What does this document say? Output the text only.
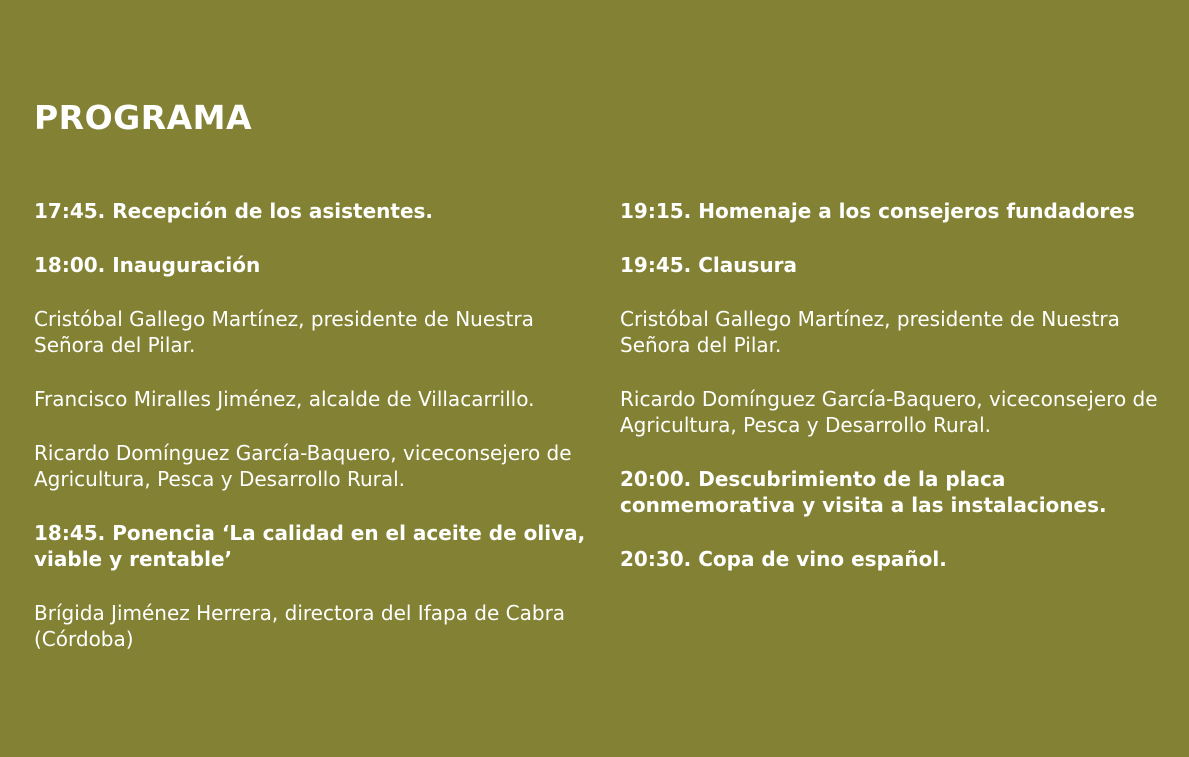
PROGRAMA

17:45. Recepción de los asistentes.

18:00. Inauguración

Cristóbal Gallego Martínez, presidente de Nuestra Señora del Pilar.

Francisco Miralles Jiménez, alcalde de Villacarrillo.

Ricardo Domínguez García-Baquero, viceconsejero de Agricultura, Pesca y Desarrollo Rural.

18:45. Ponencia ‘La calidad en el aceite de oliva, viable y rentable’

Brígida Jiménez Herrera, directora del Ifapa de Cabra (Córdoba)

19:15. Homenaje a los consejeros fundadores

19:45. Clausura

Cristóbal Gallego Martínez, presidente de Nuestra Señora del Pilar.

Ricardo Domínguez García-Baquero, viceconsejero de Agricultura, Pesca y Desarrollo Rural.

20:00. Descubrimiento de la placa conmemorativa y visita a las instalaciones.

20:30. Copa de vino español.
